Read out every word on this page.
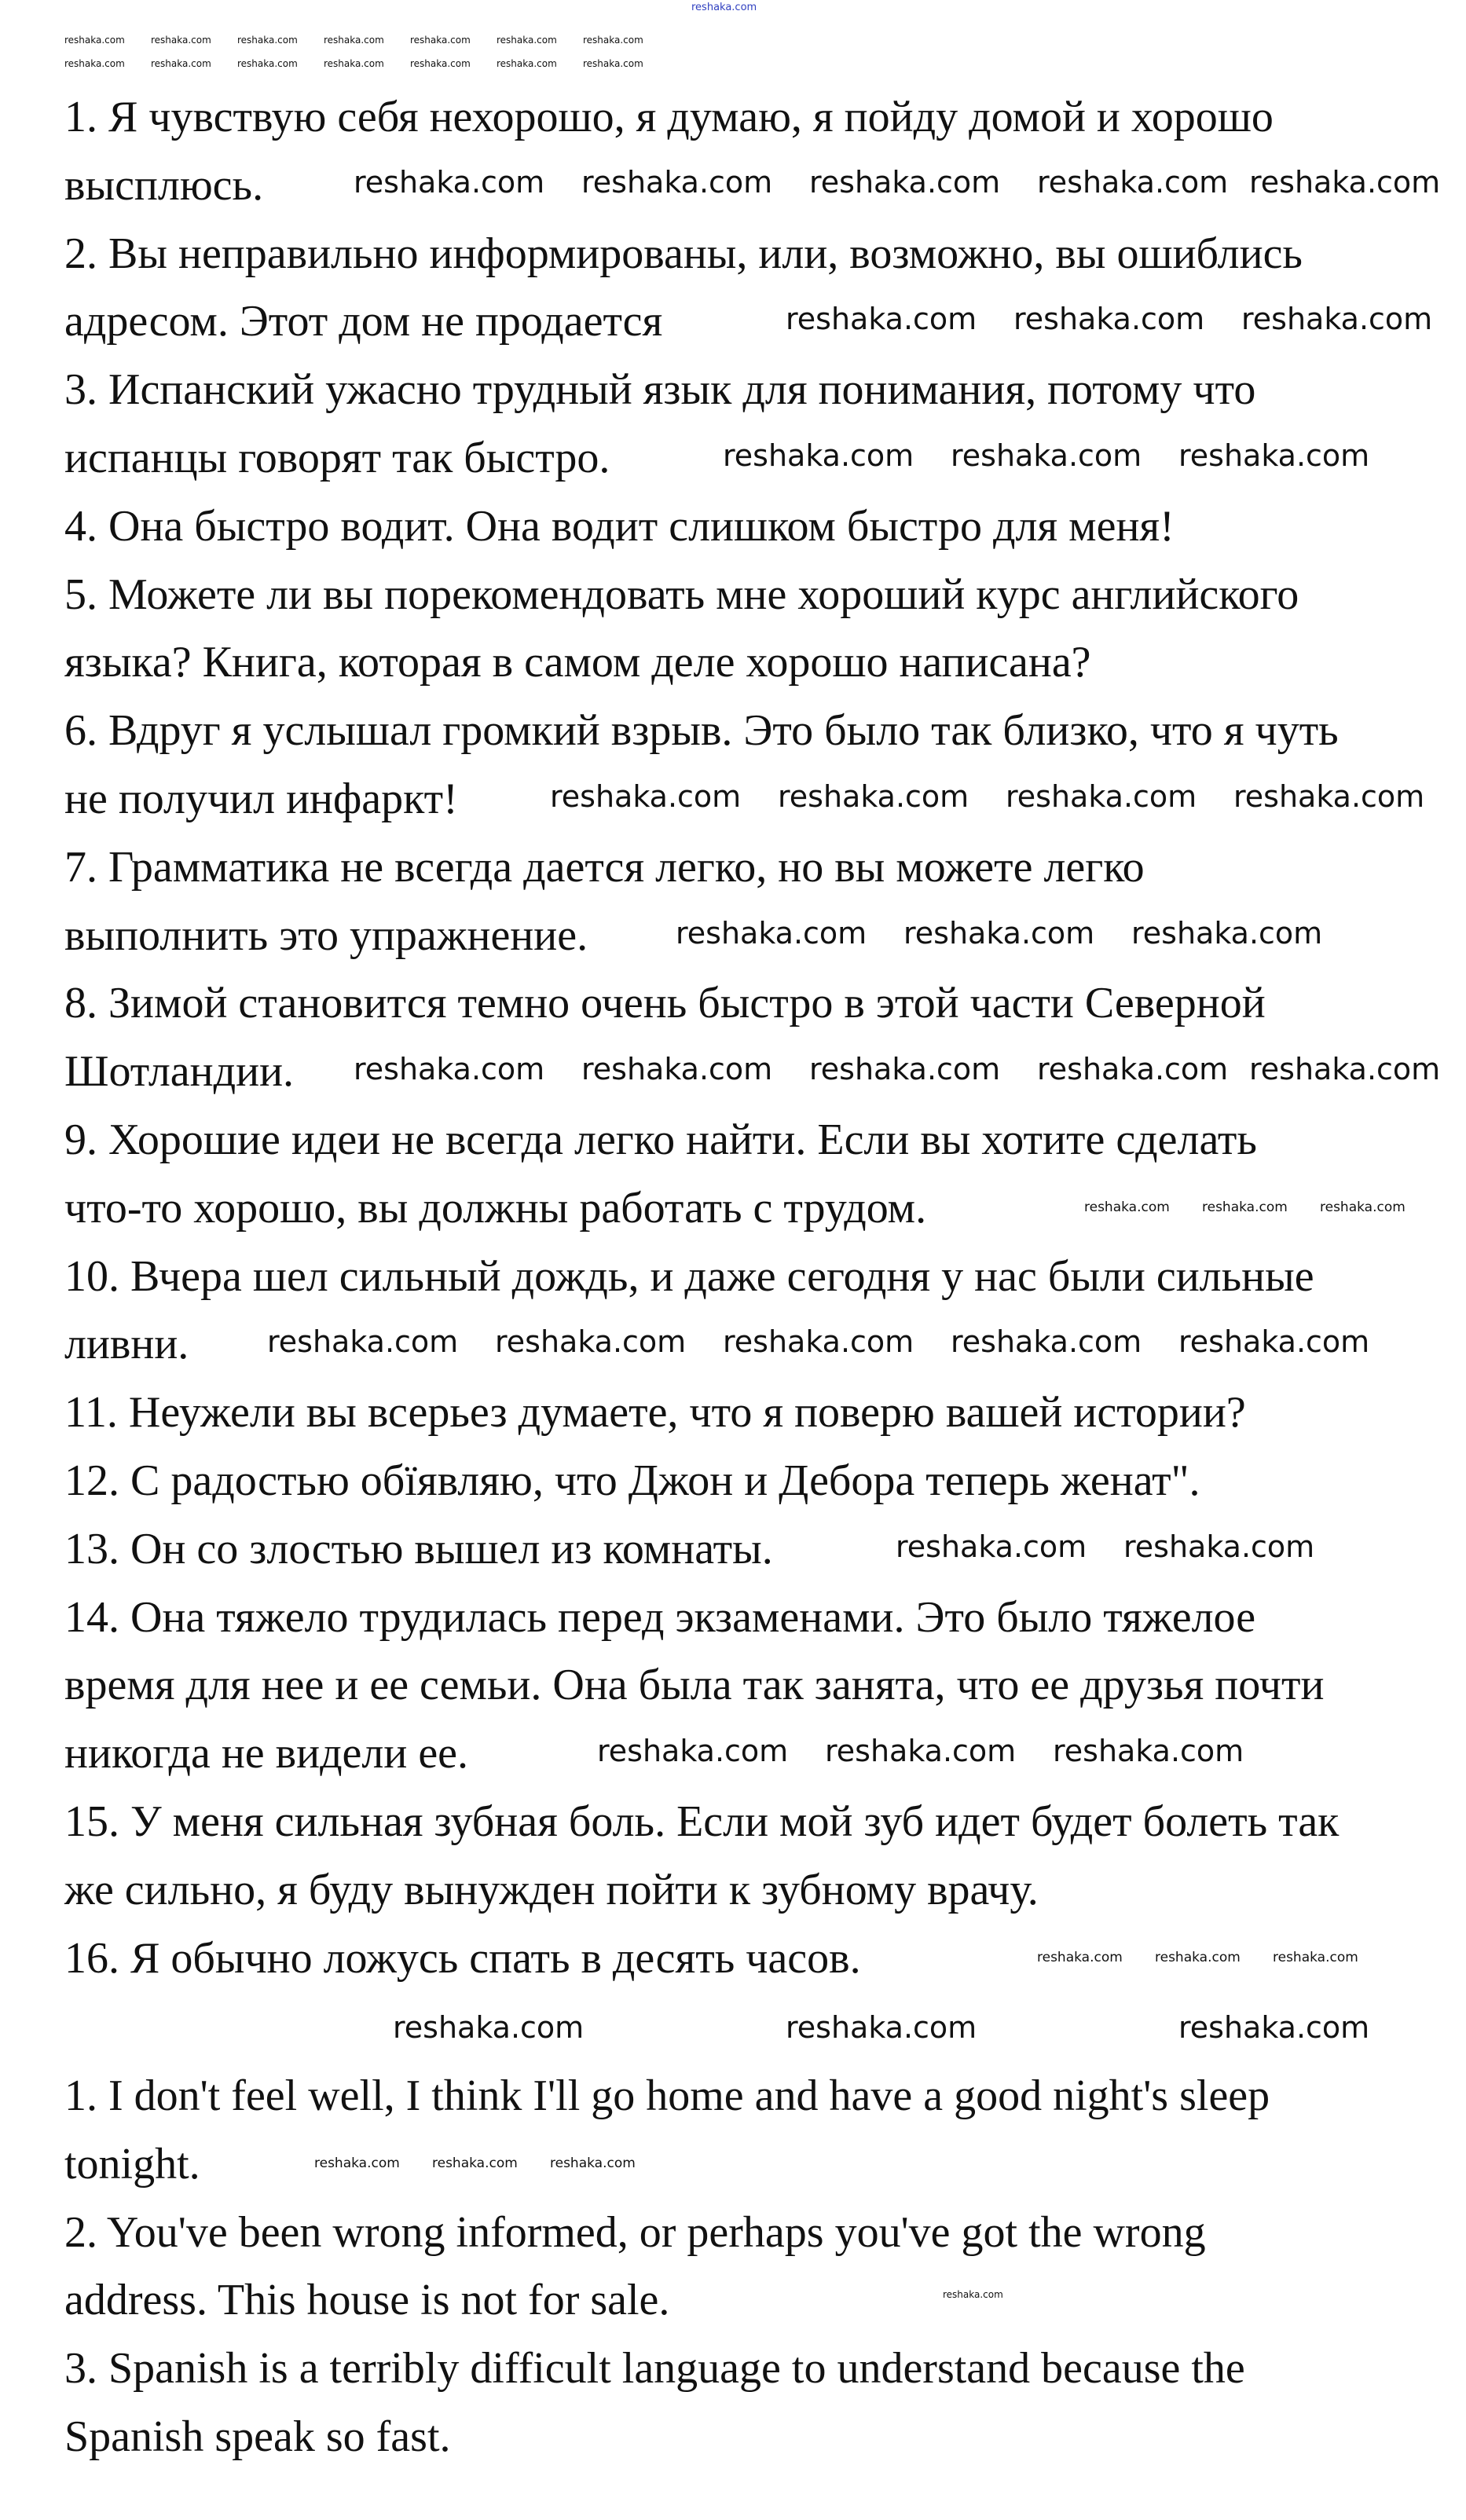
reshaka.com
1. Я чувствую себя нехорошо, я думаю, я пойду домой и хорошо
высплюсь.
2. Вы неправильно информированы, или, возможно, вы ошиблись
адресом. Этот дом не продается
3. Испанский ужасно трудный язык для понимания, потому что
испанцы говорят так быстро.
4. Она быстро водит. Она водит слишком быстро для меня!
5. Можете ли вы порекомендовать мне хороший курс английского
языка? Книга, которая в самом деле хорошо написана?
6. Вдруг я услышал громкий взрыв. Это было так близко, что я чуть
не получил инфаркт!
7. Грамматика не всегда дается легко, но вы можете легко
выполнить это упражнение.
8. Зимой становится темно очень быстро в этой части Северной
Шотландии.
9. Хорошие идеи не всегда легко найти. Если вы хотите сделать
что-то хорошо, вы должны работать с трудом.
10. Вчера шел сильный дождь, и даже сегодня у нас были сильные
ливни.
11. Неужели вы всерьез думаете, что я поверю вашей истории?
12. С радостью обїявляю, что Джон и Дебора теперь женат".
13. Он со злостью вышел из комнаты.
14. Она тяжело трудилась перед экзаменами. Это было тяжелое
время для нее и ее семьи. Она была так занята, что ее друзья почти
никогда не видели ее.
15. У меня сильная зубная боль. Если мой зуб идет будет болеть так
же сильно, я буду вынужден пойти к зубному врачу.
16. Я обычно ложусь спать в десять часов.
1. I don't feel well, I think I'll go home and have a good night's sleep
tonight.
2. You've been wrong informed, or perhaps you've got the wrong
address. This house is not for sale.
3. Spanish is a terribly difficult language to understand because the
Spanish speak so fast.
reshaka.com reshaka.com reshaka.com reshaka.com reshaka.com
reshaka.com reshaka.com reshaka.com
reshaka.com reshaka.com reshaka.com
reshaka.com reshaka.com reshaka.com reshaka.com
reshaka.com reshaka.com reshaka.com
reshaka.com reshaka.com reshaka.com reshaka.com reshaka.com
reshaka.com reshaka.com reshaka.com reshaka.com reshaka.com
reshaka.com reshaka.com
reshaka.com reshaka.com reshaka.com
reshaka.com	reshaka.com	reshaka.com
reshaka.com reshaka.com reshaka.com
reshaka.com reshaka.com reshaka.com
reshaka.com reshaka.com reshaka.com
reshaka.com	reshaka.com	reshaka.com	reshaka.com	reshaka.com	reshaka.com	reshaka.com
reshaka.com	reshaka.com	reshaka.com	reshaka.com	reshaka.com	reshaka.com	reshaka.com
reshaka.com
